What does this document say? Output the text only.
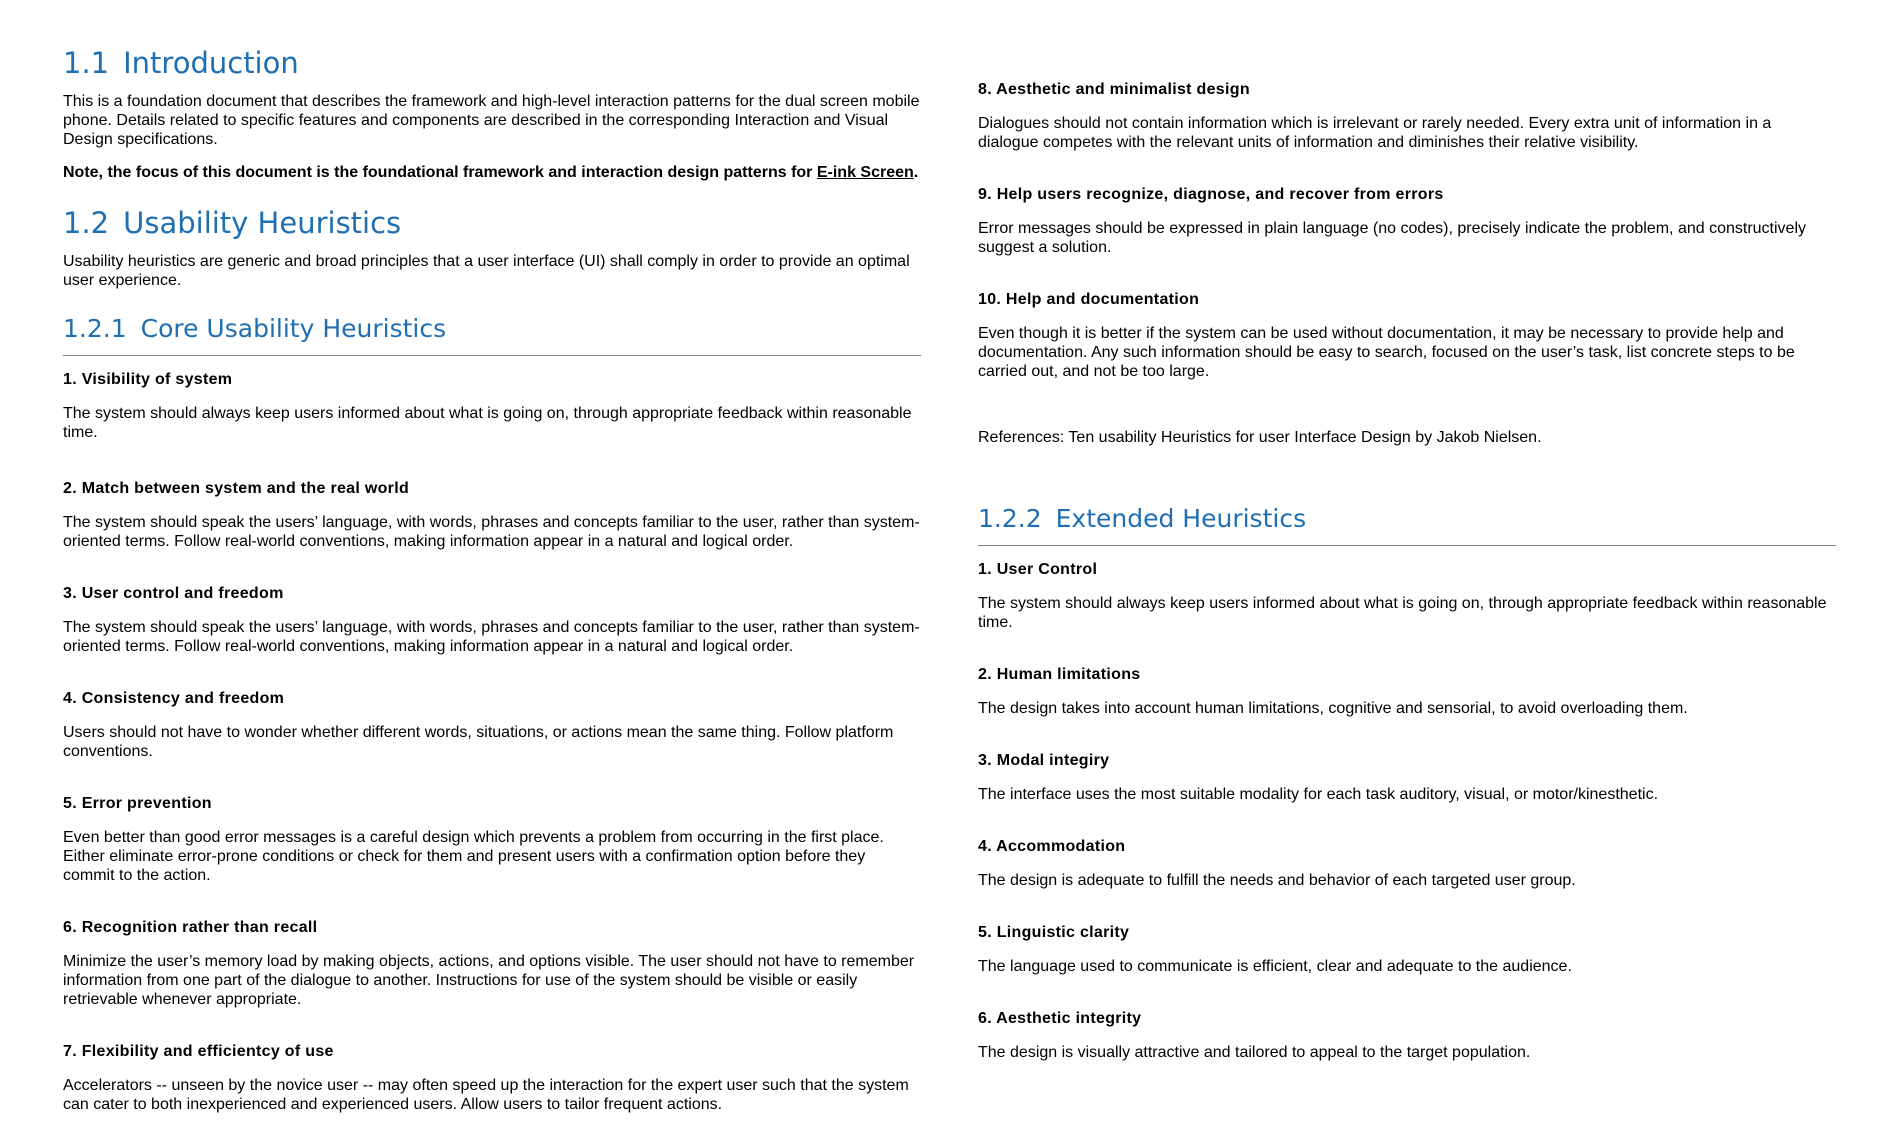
1.1 Introduction

This is a foundation document that describes the framework and high-level interaction patterns for the dual screen mobile phone. Details related to specific features and components are described in the corresponding Interaction and Visual Design specifications.

Note, the focus of this document is the foundational framework and interaction design patterns for E-ink Screen.

1.2 Usability Heuristics

Usability heuristics are generic and broad principles that a user interface (UI) shall comply in order to provide an optimal user experience.

1.2.1 Core Usability Heuristics
1. Visibility of system

The system should always keep users informed about what is going on, through appropriate feedback within reasonable time.

2. Match between system and the real world

The system should speak the users’ language, with words, phrases and concepts familiar to the user, rather than system-oriented terms. Follow real-world conventions, making information appear in a natural and logical order.

3. User control and freedom

The system should speak the users’ language, with words, phrases and concepts familiar to the user, rather than system-oriented terms. Follow real-world conventions, making information appear in a natural and logical order.

4. Consistency and freedom

Users should not have to wonder whether different words, situations, or actions mean the same thing. Follow platform conventions.

5. Error prevention

Even better than good error messages is a careful design which prevents a problem from occurring in the first place. Either eliminate error-prone conditions or check for them and present users with a confirmation option before they commit to the action.

6. Recognition rather than recall

Minimize the user’s memory load by making objects, actions, and options visible. The user should not have to remember information from one part of the dialogue to another. Instructions for use of the system should be visible or easily retrievable whenever appropriate.

7. Flexibility and efficientcy of use

Accelerators -- unseen by the novice user -- may often speed up the interaction for the expert user such that the system can cater to both inexperienced and experienced users. Allow users to tailor frequent actions.

8. Aesthetic and minimalist design

Dialogues should not contain information which is irrelevant or rarely needed. Every extra unit of information in a dialogue competes with the relevant units of information and diminishes their relative visibility.

9. Help users recognize, diagnose, and recover from errors

Error messages should be expressed in plain language (no codes), precisely indicate the problem, and constructively suggest a solution.

10. Help and documentation

Even though it is better if the system can be used without documentation, it may be necessary to provide help and documentation. Any such information should be easy to search, focused on the user’s task, list concrete steps to be carried out, and not be too large.

References: Ten usability Heuristics for user Interface Design by Jakob Nielsen.

1.2.2 Extended Heuristics
1. User Control

The system should always keep users informed about what is going on, through appropriate feedback within reasonable time.

2. Human limitations

The design takes into account human limitations, cognitive and sensorial, to avoid overloading them.

3. Modal integiry

The interface uses the most suitable modality for each task auditory, visual, or motor/kinesthetic.

4. Accommodation

The design is adequate to fulfill the needs and behavior of each targeted user group.

5. Linguistic clarity

The language used to communicate is efficient, clear and adequate to the audience.

6. Aesthetic integrity

The design is visually attractive and tailored to appeal to the target population.
